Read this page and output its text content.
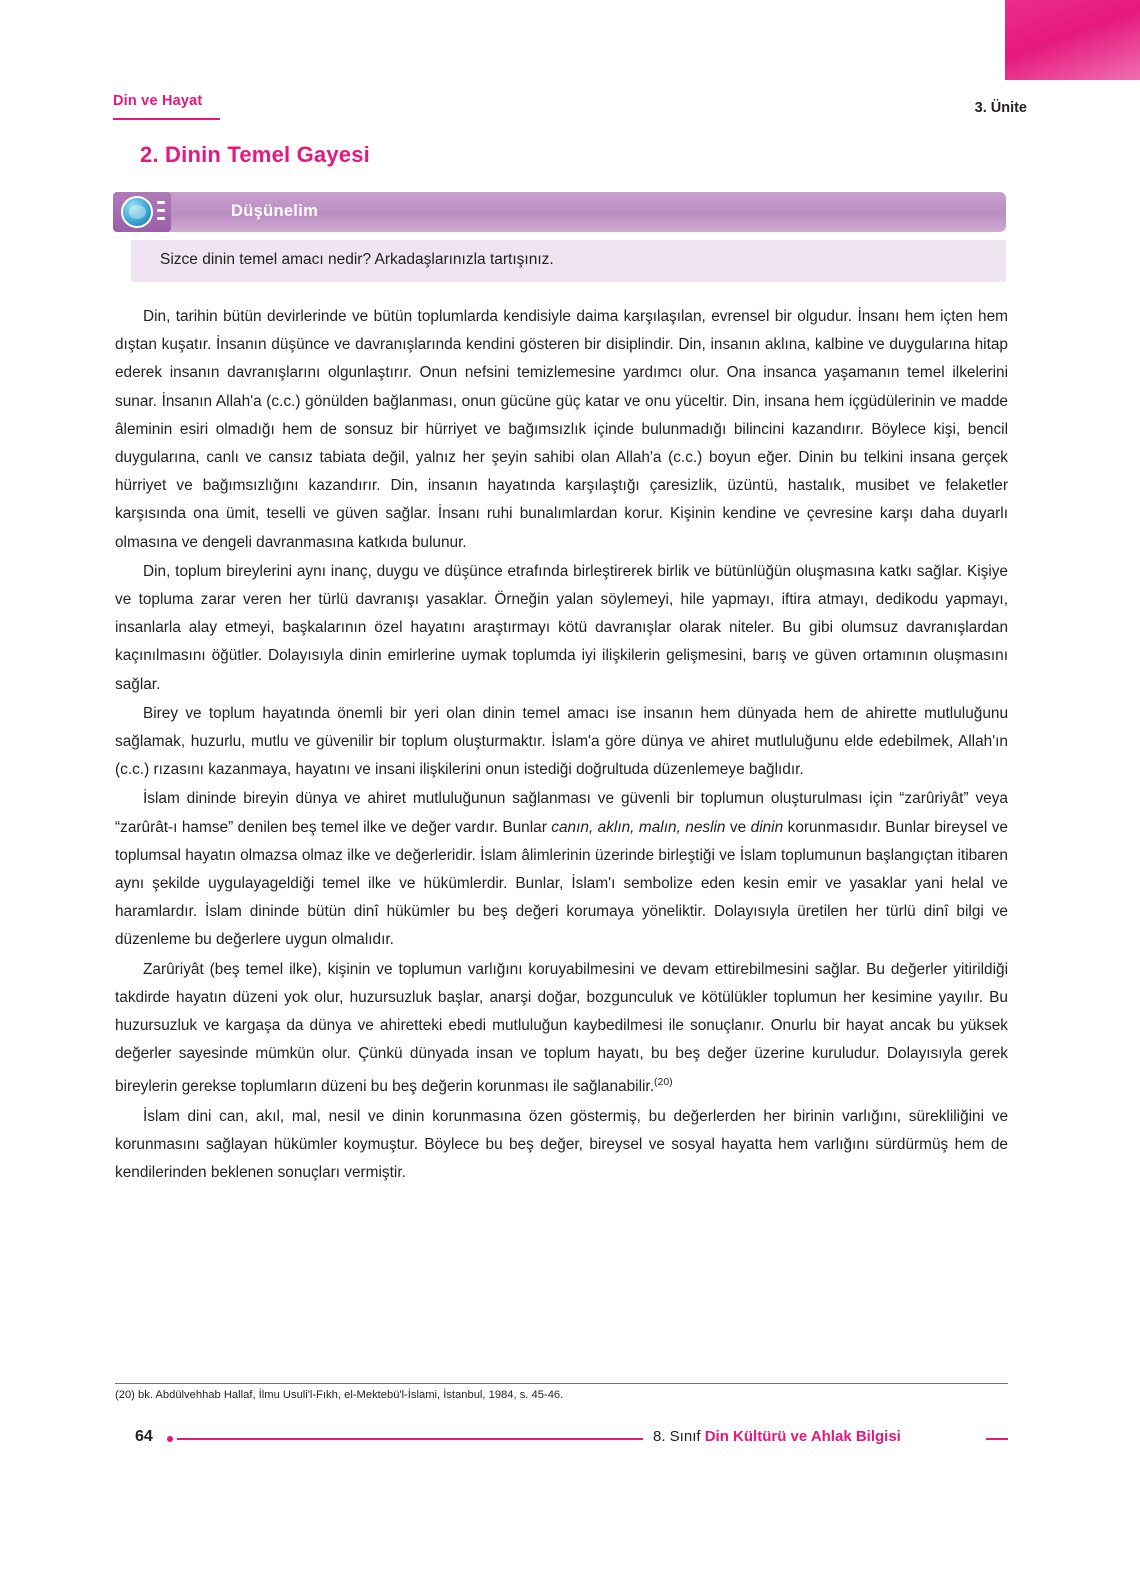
Din ve Hayat	3. Ünite
2. Dinin Temel Gayesi
Düşünelim
Sizce dinin temel amacı nedir? Arkadaşlarınızla tartışınız.

Din, tarihin bütün devirlerinde ve bütün toplumlarda kendisiyle daima karşılaşılan, evrensel bir olgudur. İnsanı hem içten hem dıştan kuşatır. İnsanın düşünce ve davranışlarında kendini gösteren bir disiplindir. Din, insanın aklına, kalbine ve duygularına hitap ederek insanın davranışlarını olgunlaştırır. Onun nefsini temizlemesine yardımcı olur. Ona insanca yaşamanın temel ilkelerini sunar. İnsanın Allah'a (c.c.) gönülden bağlanması, onun gücüne güç katar ve onu yüceltir. Din, insana hem içgüdülerinin ve madde âleminin esiri olmadığı hem de sonsuz bir hürriyet ve bağımsızlık içinde bulunmadığı bilincini kazandırır. Böylece kişi, bencil duygularına, canlı ve cansız tabiata değil, yalnız her şeyin sahibi olan Allah'a (c.c.) boyun eğer. Dinin bu telkini insana gerçek hürriyet ve bağımsızlığını kazandırır. Din, insanın hayatında karşılaştığı çaresizlik, üzüntü, hastalık, musibet ve felaketler karşısında ona ümit, teselli ve güven sağlar. İnsanı ruhi bunalımlardan korur. Kişinin kendine ve çevresine karşı daha duyarlı olmasına ve dengeli davranmasına katkıda bulunur.

Din, toplum bireylerini aynı inanç, duygu ve düşünce etrafında birleştirerek birlik ve bütünlüğün oluşmasına katkı sağlar. Kişiye ve topluma zarar veren her türlü davranışı yasaklar. Örneğin yalan söylemeyi, hile yapmayı, iftira atmayı, dedikodu yapmayı, insanlarla alay etmeyi, başkalarının özel hayatını araştırmayı kötü davranışlar olarak niteler. Bu gibi olumsuz davranışlardan kaçınılmasını öğütler. Dolayısıyla dinin emirlerine uymak toplumda iyi ilişkilerin gelişmesini, barış ve güven ortamının oluşmasını sağlar.

Birey ve toplum hayatında önemli bir yeri olan dinin temel amacı ise insanın hem dünyada hem de ahirette mutluluğunu sağlamak, huzurlu, mutlu ve güvenilir bir toplum oluşturmaktır. İslam'a göre dünya ve ahiret mutluluğunu elde edebilmek, Allah'ın (c.c.) rızasını kazanmaya, hayatını ve insani ilişkilerini onun istediği doğrultuda düzenlemeye bağlıdır.

İslam dininde bireyin dünya ve ahiret mutluluğunun sağlanması ve güvenli bir toplumun oluşturulması için “zarûriyât” veya “zarûrât-ı hamse” denilen beş temel ilke ve değer vardır. Bunlar canın, aklın, malın, neslin ve dinin korunmasıdır. Bunlar bireysel ve toplumsal hayatın olmazsa olmaz ilke ve değerleridir. İslam âlimlerinin üzerinde birleştiği ve İslam toplumunun başlangıçtan itibaren aynı şekilde uygulayageldiği temel ilke ve hükümlerdir. Bunlar, İslam'ı sembolize eden kesin emir ve yasaklar yani helal ve haramlardır. İslam dininde bütün dinî hükümler bu beş değeri korumaya yöneliktir. Dolayısıyla üretilen her türlü dinî bilgi ve düzenleme bu değerlere uygun olmalıdır.

Zarûriyât (beş temel ilke), kişinin ve toplumun varlığını koruyabilmesini ve devam ettirebilmesini sağlar. Bu değerler yitirildiği takdirde hayatın düzeni yok olur, huzursuzluk başlar, anarşi doğar, bozgunculuk ve kötülükler toplumun her kesimine yayılır. Bu huzursuzluk ve kargaşa da dünya ve ahiretteki ebedi mutluluğun kaybedilmesi ile sonuçlanır. Onurlu bir hayat ancak bu yüksek değerler sayesinde mümkün olur. Çünkü dünyada insan ve toplum hayatı, bu beş değer üzerine kuruludur. Dolayısıyla gerek bireylerin gerekse toplumların düzeni bu beş değerin korunması ile sağlanabilir.$^{(20)}$

İslam dini can, akıl, mal, nesil ve dinin korunmasına özen göstermiş, bu değerlerden her birinin varlığını, sürekliliğini ve korunmasını sağlayan hükümler koymuştur. Böylece bu beş değer, bireysel ve sosyal hayatta hem varlığını sürdürmüş hem de kendilerinden beklenen sonuçları vermiştir.

(20) bk. Abdülvehhab Hallaf, İlmu Usuli'l-Fıkh, el-Mektebü'l-İslami, İstanbul, 1984, s. 45-46.
64	8. Sınıf Din Kültürü ve Ahlak Bilgisi
